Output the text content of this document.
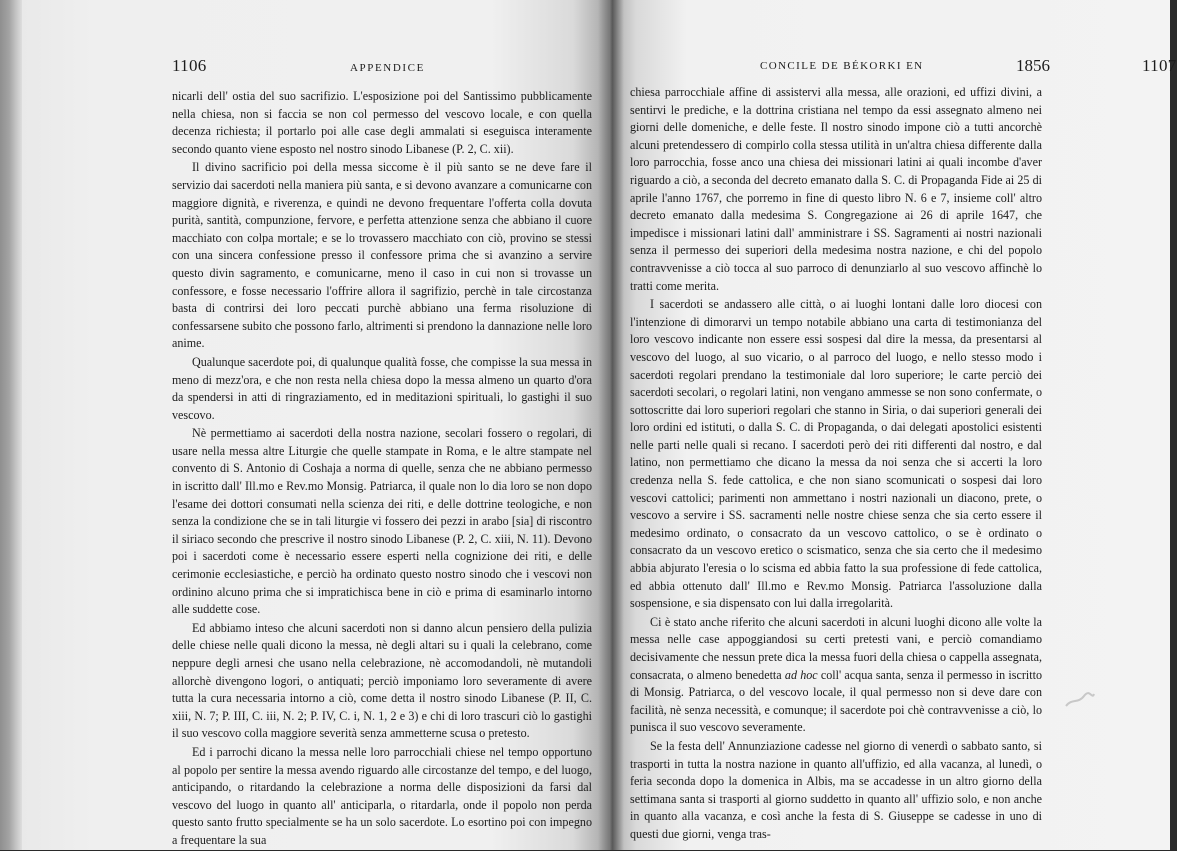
1106	APPENDICE

nicarli dell' ostia del suo sacrifizio. L'esposizione poi del Santissimo pubblicamente nella chiesa, non si faccia se non col permesso del vescovo locale, e con quella decenza richiesta; il portarlo poi alle case degli ammalati si eseguisca interamente secondo quanto viene esposto nel nostro sinodo Libanese (P. 2, C. xii).

Il divino sacrificio poi della messa siccome è il più santo se ne deve fare il servizio dai sacerdoti nella maniera più santa, e si devono avanzare a comunicarne con maggiore dignità, e riverenza, e quindi ne devono frequentare l'offerta colla dovuta purità, santità, compunzione, fervore, e perfetta attenzione senza che abbiano il cuore macchiato con colpa mortale; e se lo trovassero macchiato con ciò, provino se stessi con una sincera confessione presso il confessore prima che si avanzino a servire questo divin sagramento, e comunicarne, meno il caso in cui non si trovasse un confessore, e fosse necessario l'offrire allora il sagrifizio, perchè in tale circostanza basta di contrirsi dei loro peccati purchè abbiano una ferma risoluzione di confessarsene subito che possono farlo, altrimenti si prendono la dannazione nelle loro anime.

Qualunque sacerdote poi, di qualunque qualità fosse, che compisse la sua messa in meno di mezz'ora, e che non resta nella chiesa dopo la messa almeno un quarto d'ora da spendersi in atti di ringraziamento, ed in meditazioni spirituali, lo gastighi il suo vescovo.

Nè permettiamo ai sacerdoti della nostra nazione, secolari fossero o regolari, di usare nella messa altre Liturgie che quelle stampate in Roma, e le altre stampate nel convento di S. Antonio di Coshaja a norma di quelle, senza che ne abbiano permesso in iscritto dall' Ill.mo e Rev.mo Monsig. Patriarca, il quale non lo dia loro se non dopo l'esame dei dottori consumati nella scienza dei riti, e delle dottrine teologiche, e non senza la condizione che se in tali liturgie vi fossero dei pezzi in arabo [sia] di riscontro il siriaco secondo che prescrive il nostro sinodo Libanese (P. 2, C. xiii, N. 11). Devono poi i sacerdoti come è necessario essere esperti nella cognizione dei riti, e delle cerimonie ecclesiastiche, e perciò ha ordinato questo nostro sinodo che i vescovi non ordinino alcuno prima che si impratichisca bene in ciò e prima di esaminarlo intorno alle suddette cose.

Ed abbiamo inteso che alcuni sacerdoti non si danno alcun pensiero della pulizia delle chiese nelle quali dicono la messa, nè degli altari su i quali la celebrano, come neppure degli arnesi che usano nella celebrazione, nè accomodandoli, nè mutandoli allorchè divengono logori, o antiquati; perciò imponiamo loro severamente di avere tutta la cura necessaria intorno a ciò, come detta il nostro sinodo Libanese (P. II, C. xiii, N. 7; P. III, C. iii, N. 2; P. IV, C. i, N. 1, 2 e 3) e chi di loro trascuri ciò lo gastighi il suo vescovo colla maggiore severità senza ammetterne scusa o pretesto.

Ed i parrochi dicano la messa nelle loro parrocchiali chiese nel tempo opportuno al popolo per sentire la messa avendo riguardo alle circostanze del tempo, e del luogo, anticipando, o ritardando la celebrazione a norma delle disposizioni da farsi dal vescovo del luogo in quanto all' anticiparla, o ritardarla, onde il popolo non perda questo santo frutto specialmente se ha un solo sacerdote. Lo esortino poi con impegno a frequentare la sua

CONCILE DE BÉKORKI EN	1856	1107

chiesa parrocchiale affine di assistervi alla messa, alle orazioni, ed uffizi divini, a sentirvi le prediche, e la dottrina cristiana nel tempo da essi assegnato almeno nei giorni delle domeniche, e delle feste. Il nostro sinodo impone ciò a tutti ancorchè alcuni pretendessero di compirlo colla stessa utilità in un'altra chiesa differente dalla loro parrocchia, fosse anco una chiesa dei missionari latini ai quali incombe d'aver riguardo a ciò, a seconda del decreto emanato dalla S. C. di Propaganda Fide ai 25 di aprile l'anno 1767, che porremo in fine di questo libro N. 6 e 7, insieme coll' altro decreto emanato dalla medesima S. Congregazione ai 26 di aprile 1647, che impedisce i missionari latini dall' amministrare i SS. Sagramenti ai nostri nazionali senza il permesso dei superiori della medesima nostra nazione, e chi del popolo contravvenisse a ciò tocca al suo parroco di denunziarlo al suo vescovo affinchè lo tratti come merita.

I sacerdoti se andassero alle città, o ai luoghi lontani dalle loro diocesi con l'intenzione di dimorarvi un tempo notabile abbiano una carta di testimonianza del loro vescovo indicante non essere essi sospesi dal dire la messa, da presentarsi al vescovo del luogo, al suo vicario, o al parroco del luogo, e nello stesso modo i sacerdoti regolari prendano la testimoniale dal loro superiore; le carte perciò dei sacerdoti secolari, o regolari latini, non vengano ammesse se non sono confermate, o sottoscritte dai loro superiori regolari che stanno in Siria, o dai superiori generali dei loro ordini ed istituti, o dalla S. C. di Propaganda, o dai delegati apostolici esistenti nelle parti nelle quali si recano. I sacerdoti però dei riti differenti dal nostro, e dal latino, non permettiamo che dicano la messa da noi senza che si accerti la loro credenza nella S. fede cattolica, e che non siano scomunicati o sospesi dai loro vescovi cattolici; parimenti non ammettano i nostri nazionali un diacono, prete, o vescovo a servire i SS. sacramenti nelle nostre chiese senza che sia certo essere il medesimo ordinato, o consacrato da un vescovo cattolico, o se è ordinato o consacrato da un vescovo eretico o scismatico, senza che sia certo che il medesimo abbia abjurato l'eresia o lo scisma ed abbia fatto la sua professione di fede cattolica, ed abbia ottenuto dall' Ill.mo e Rev.mo Monsig. Patriarca l'assoluzione dalla sospensione, e sia dispensato con lui dalla irregolarità.

Ci è stato anche riferito che alcuni sacerdoti in alcuni luoghi dicono alle volte la messa nelle case appoggiandosi su certi pretesti vani, e perciò comandiamo decisivamente che nessun prete dica la messa fuori della chiesa o cappella assegnata, consacrata, o almeno benedetta ad hoc coll' acqua santa, senza il permesso in iscritto di Monsig. Patriarca, o del vescovo locale, il qual permesso non si deve dare con facilità, nè senza necessità, e comunque; il sacerdote poi chè contravvenisse a ciò, lo punisca il suo vescovo severamente.

Se la festa dell' Annunziazione cadesse nel giorno di venerdì o sabbato santo, si trasporti in tutta la nostra nazione in quanto all'uffizio, ed alla vacanza, al lunedì, o feria seconda dopo la domenica in Albis, ma se accadesse in un altro giorno della settimana santa si trasporti al giorno suddetto in quanto all' uffizio solo, e non anche in quanto alla vacanza, e così anche la festa di S. Giuseppe se cadesse in uno di questi due giorni, venga tras-
